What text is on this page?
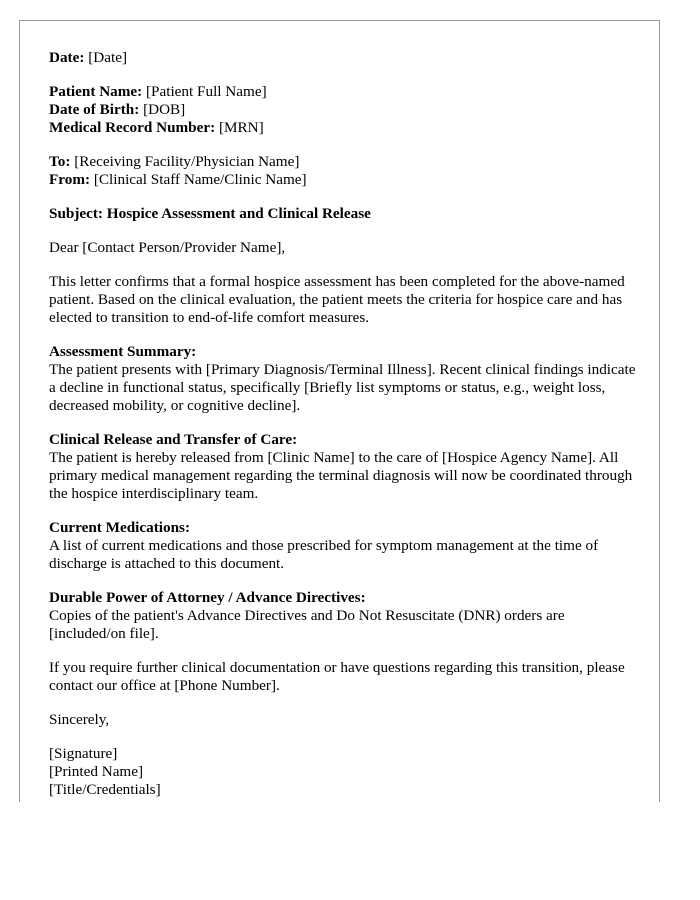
Date: [Date]
Patient Name: [Patient Full Name]
Date of Birth: [DOB]
Medical Record Number: [MRN]
To: [Receiving Facility/Physician Name]
From: [Clinical Staff Name/Clinic Name]
Subject: Hospice Assessment and Clinical Release
Dear [Contact Person/Provider Name],
This letter confirms that a formal hospice assessment has been completed for the above-named patient. Based on the clinical evaluation, the patient meets the criteria for hospice care and has elected to transition to end-of-life comfort measures.
Assessment Summary:
The patient presents with [Primary Diagnosis/Terminal Illness]. Recent clinical findings indicate a decline in functional status, specifically [Briefly list symptoms or status, e.g., weight loss, decreased mobility, or cognitive decline].
Clinical Release and Transfer of Care:
The patient is hereby released from [Clinic Name] to the care of [Hospice Agency Name]. All primary medical management regarding the terminal diagnosis will now be coordinated through the hospice interdisciplinary team.
Current Medications:
A list of current medications and those prescribed for symptom management at the time of discharge is attached to this document.
Durable Power of Attorney / Advance Directives:
Copies of the patient's Advance Directives and Do Not Resuscitate (DNR) orders are [included/on file].
If you require further clinical documentation or have questions regarding this transition, please contact our office at [Phone Number].
Sincerely,
[Signature]
[Printed Name]
[Title/Credentials]
